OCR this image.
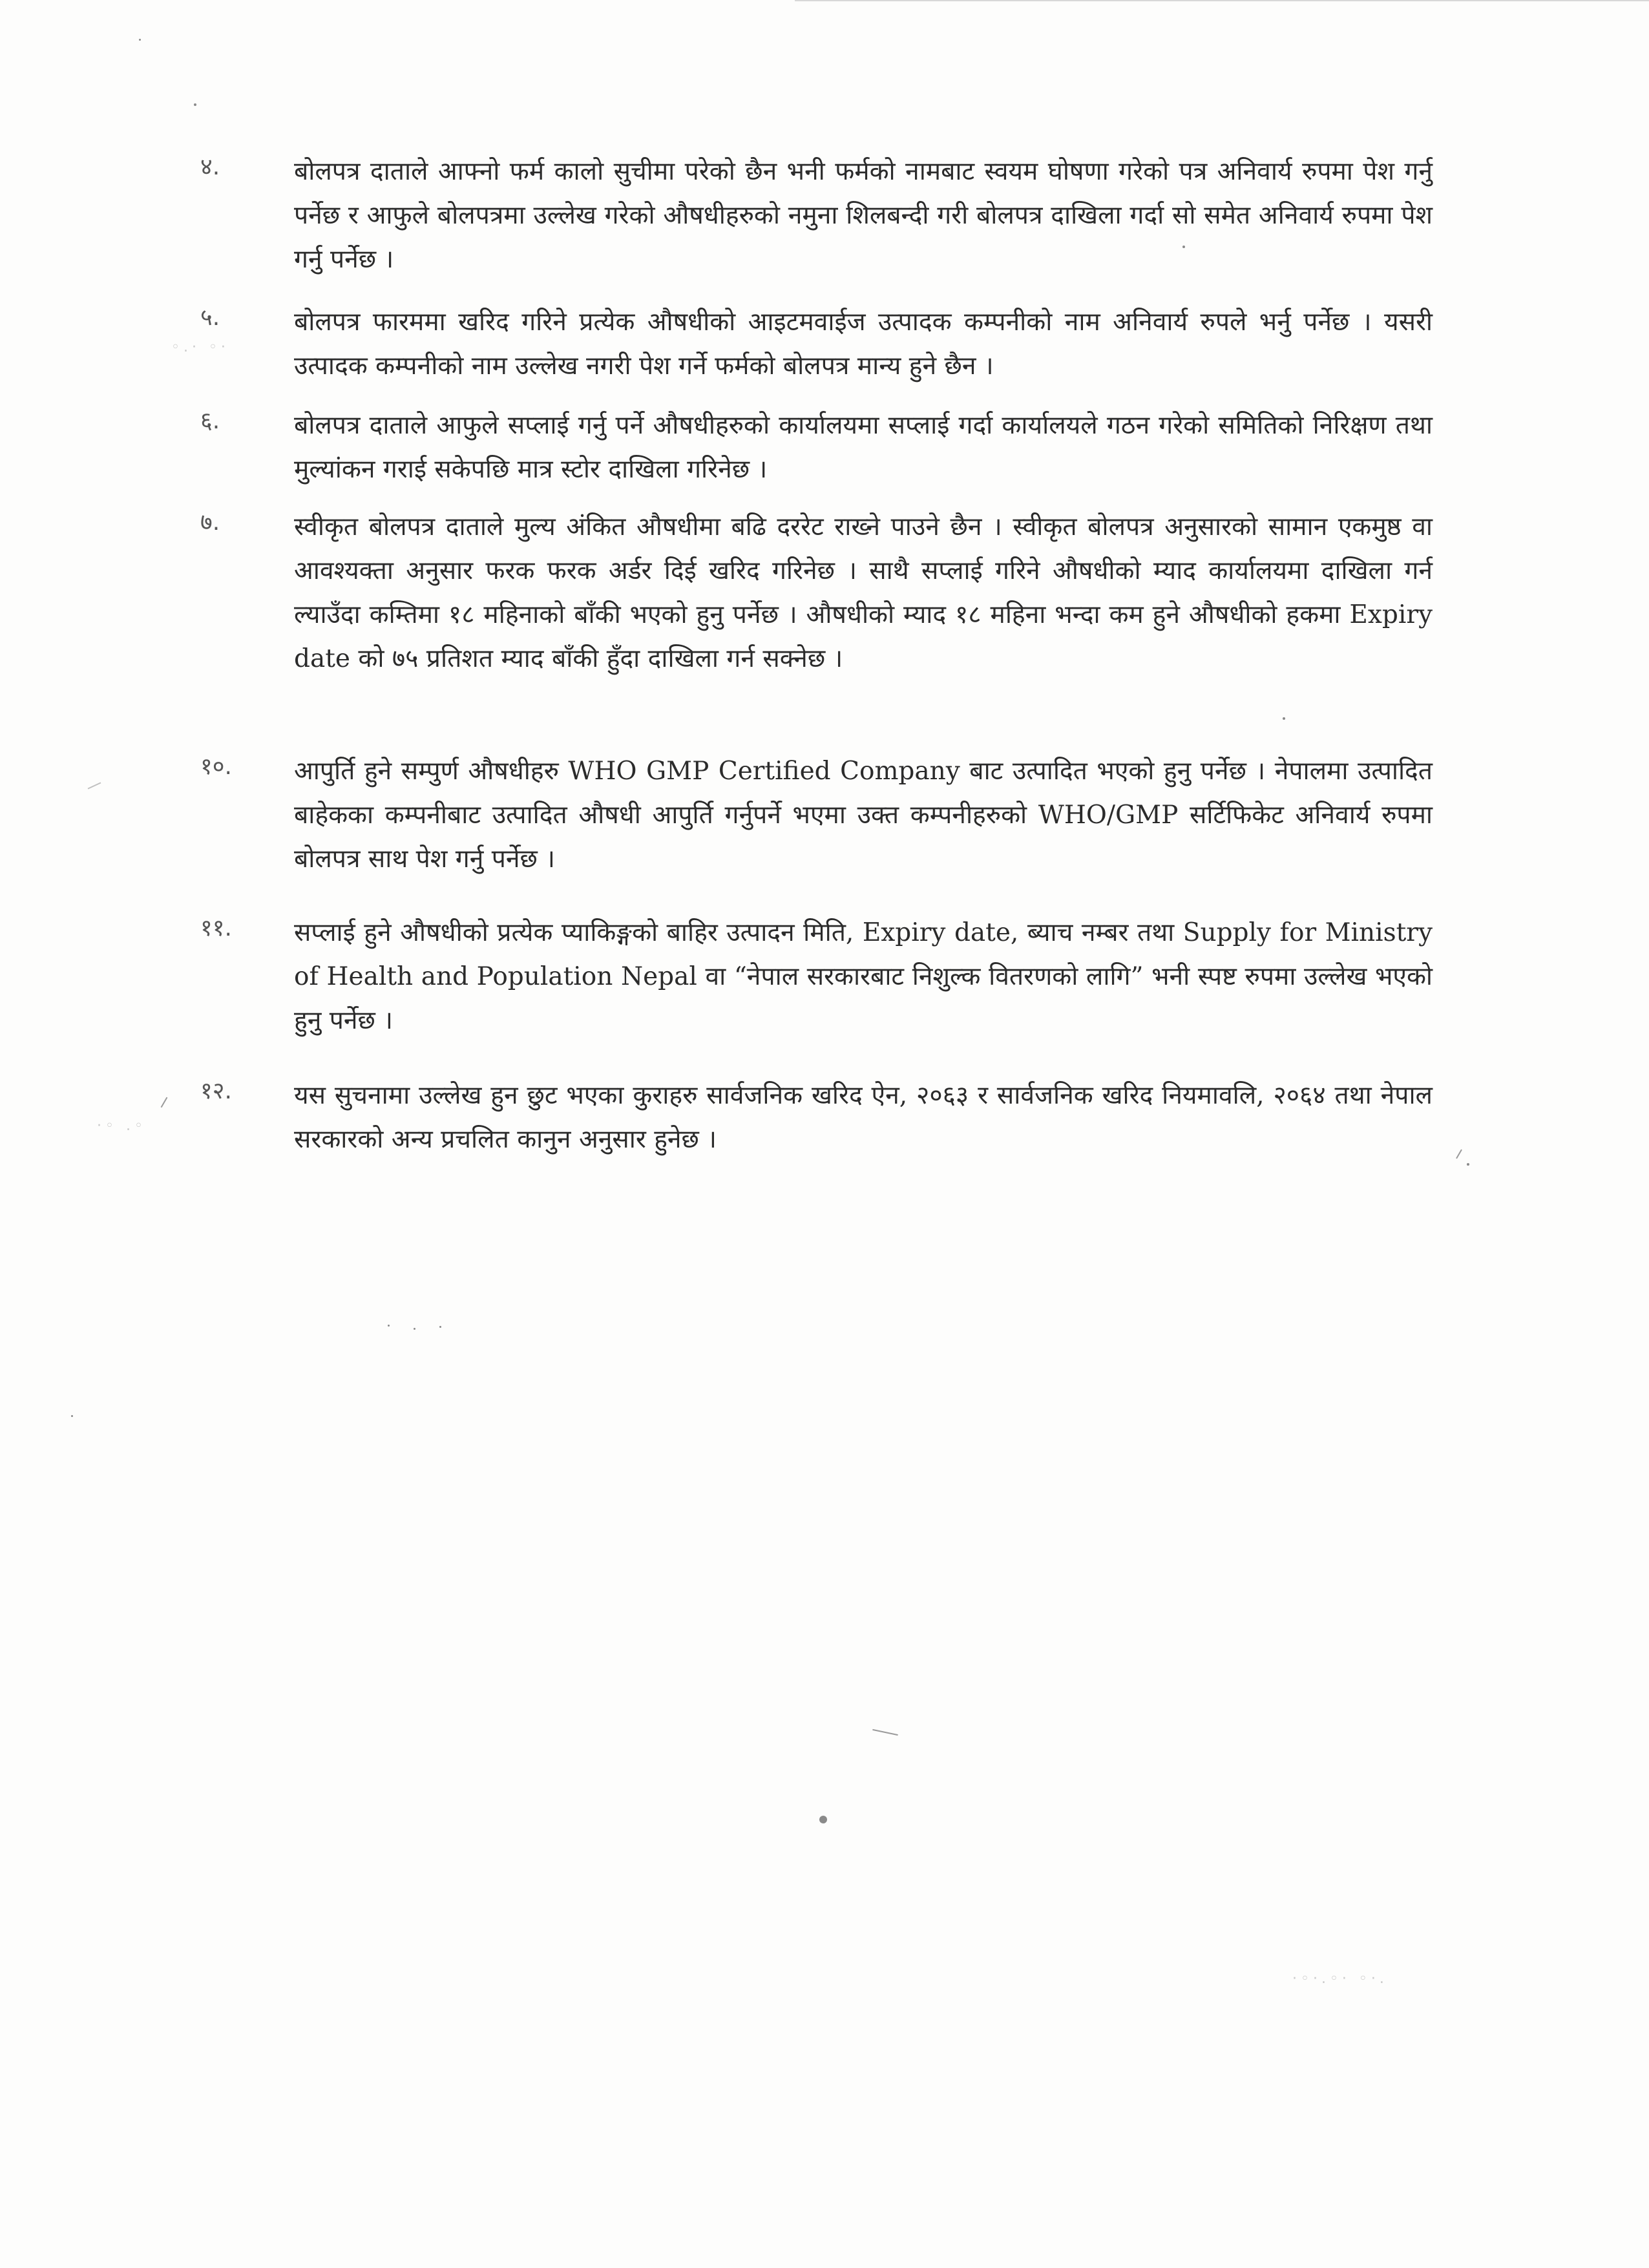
४.	बोलपत्र दाताले आफ्नो फर्म कालो सुचीमा परेको छैन भनी फर्मको नामबाट स्वयम घोषणा गरेको पत्र अनिवार्य रुपमा पेश गर्नु पर्नेछ र आफुले बोलपत्रमा उल्लेख गरेको औषधीहरुको नमुना शिलबन्दी गरी बोलपत्र दाखिला गर्दा सो समेत अनिवार्य रुपमा पेश गर्नु पर्नेछ ।
५.	बोलपत्र फारममा खरिद गरिने प्रत्येक औषधीको आइटमवाईज उत्पादक कम्पनीको नाम अनिवार्य रुपले भर्नु पर्नेछ । यसरी उत्पादक कम्पनीको नाम उल्लेख नगरी पेश गर्ने फर्मको बोलपत्र मान्य हुने छैन ।
६.	बोलपत्र दाताले आफुले सप्लाई गर्नु पर्ने औषधीहरुको कार्यालयमा सप्लाई गर्दा कार्यालयले गठन गरेको समितिको निरिक्षण तथा मुल्यांकन गराई सकेपछि मात्र स्टोर दाखिला गरिनेछ ।
७.	स्वीकृत बोलपत्र दाताले मुल्य अंकित औषधीमा बढि दररेट राख्ने पाउने छैन । स्वीकृत बोलपत्र अनुसारको सामान एकमुष्ठ वा आवश्यक्ता अनुसार फरक फरक अर्डर दिई खरिद गरिनेछ । साथै सप्लाई गरिने औषधीको म्याद कार्यालयमा दाखिला गर्न ल्याउँदा कम्तिमा १८ महिनाको बाँकी भएको हुनु पर्नेछ । औषधीको म्याद १८ महिना भन्दा कम हुने औषधीको हकमा Expiry date को ७५ प्रतिशत म्याद बाँकी हुँदा दाखिला गर्न सक्नेछ ।
१०.	आपुर्ति हुने सम्पुर्ण औषधीहरु WHO GMP Certified Company बाट उत्पादित भएको हुनु पर्नेछ । नेपालमा उत्पादित बाहेकका कम्पनीबाट उत्पादित औषधी आपुर्ति गर्नुपर्ने भएमा उक्त कम्पनीहरुको WHO/GMP सर्टिफिकेट अनिवार्य रुपमा बोलपत्र साथ पेश गर्नु पर्नेछ ।
११.	सप्लाई हुने औषधीको प्रत्येक प्याकिङ्गको बाहिर उत्पादन मिति, Expiry date, ब्याच नम्बर तथा Supply for Ministry of Health and Population Nepal वा “नेपाल सरकारबाट निशुल्क वितरणको लागि” भनी स्पष्ट रुपमा उल्लेख भएको हुनु पर्नेछ ।
१२.	यस सुचनामा उल्लेख हुन छुट भएका कुराहरु सार्वजनिक खरिद ऐन, २०६३ र सार्वजनिक खरिद नियमावलि, २०६४ तथा नेपाल सरकारको अन्य प्रचलित कानुन अनुसार हुनेछ ।
·◦·.◦· ◦·.
◦.· ◦·
·◦ .◦
